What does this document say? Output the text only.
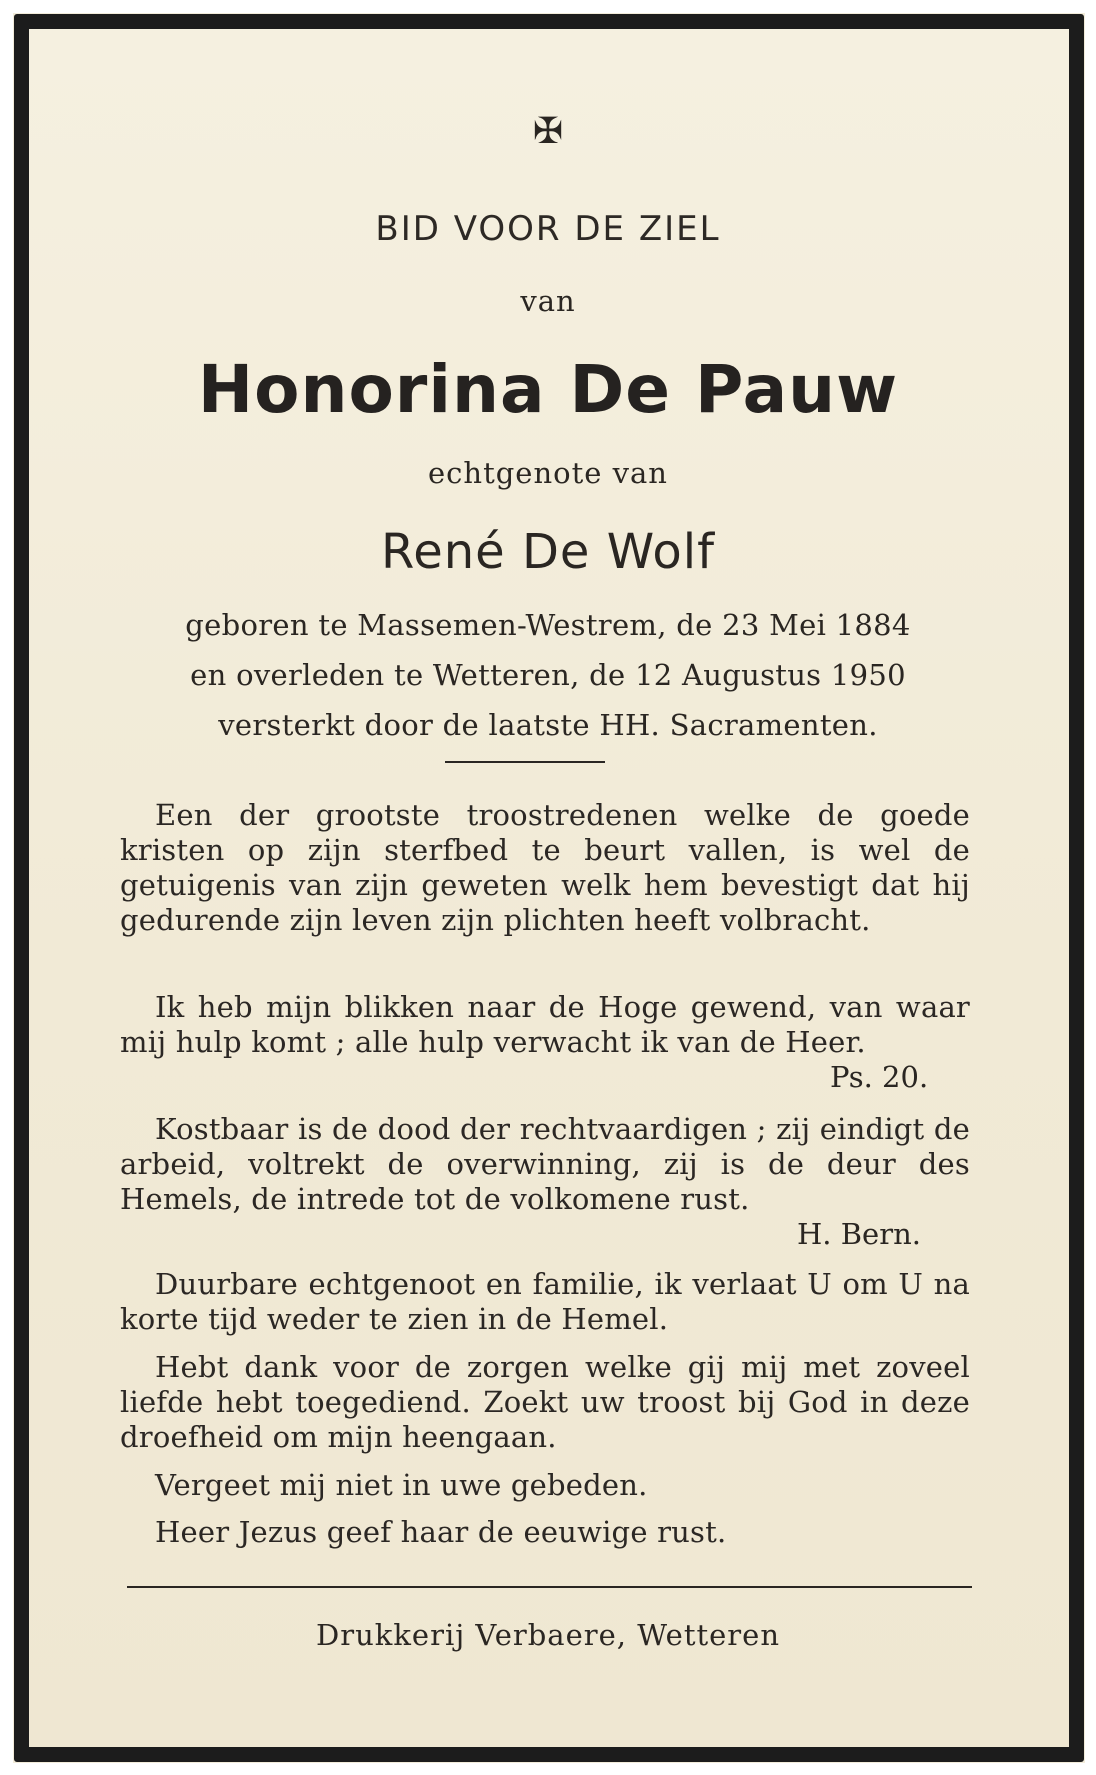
✠
BID VOOR DE ZIEL
van
Honorina De Pauw
echtgenote van
René De Wolf
geboren te Massemen-Westrem, de 23 Mei 1884
en overleden te Wetteren, de 12 Augustus 1950
versterkt door de laatste HH. Sacramenten.
Een der grootste troostredenen welke de goede kristen op zijn sterfbed te beurt vallen, is wel de getuigenis van zijn geweten welk hem bevestigt dat hij gedurende zijn leven zijn plichten heeft volbracht.
Ik heb mijn blikken naar de Hoge gewend, van waar mij hulp komt ; alle hulp verwacht ik van de Heer.
Ps. 20.
Kostbaar is de dood der rechtvaardigen ; zij eindigt de arbeid, voltrekt de overwinning, zij is de deur des Hemels, de intrede tot de volkomene rust.
H. Bern.
Duurbare echtgenoot en familie, ik verlaat U om U na korte tijd weder te zien in de Hemel.
Hebt dank voor de zorgen welke gij mij met zoveel liefde hebt toegediend. Zoekt uw troost bij God in deze droefheid om mijn heengaan.
Vergeet mij niet in uwe gebeden.
Heer Jezus geef haar de eeuwige rust.
Drukkerij Verbaere, Wetteren
